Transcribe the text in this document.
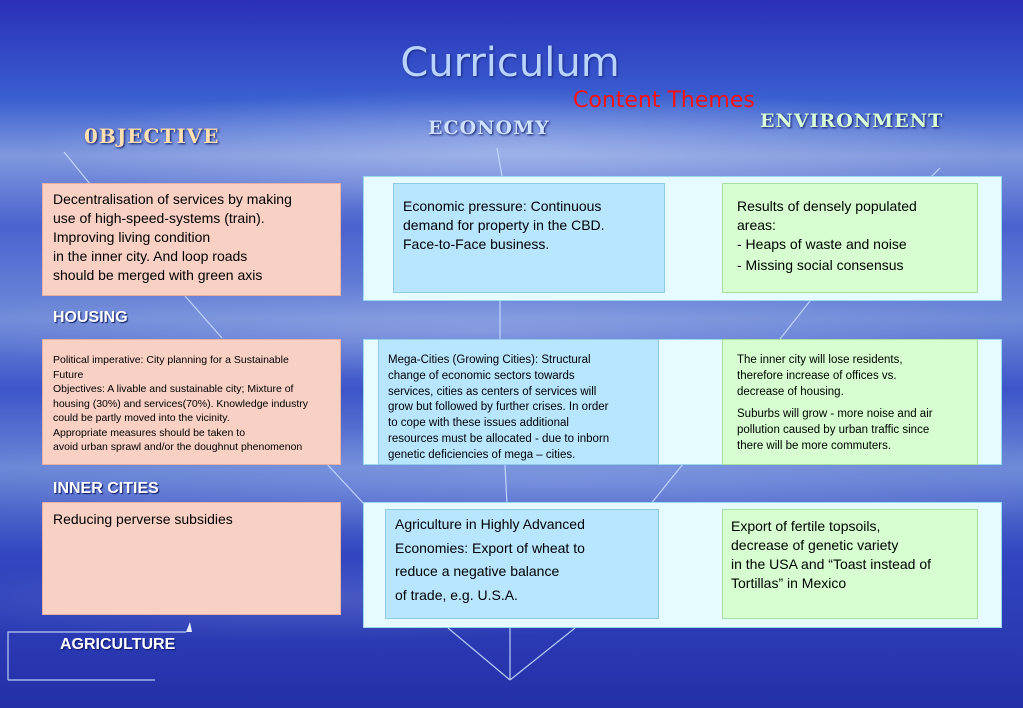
Curriculum
Content Themes
0BJECTIVE	ECONOMY	ENVIRONMENT

Decentralisation of services by making

use of high-speed-systems (train).

Improving living condition

in the inner city. And loop roads

should be merged with green axis

HOUSING

Economic pressure: Continuous

demand for property in the CBD.

Face-to-Face business.

Results of densely populated

areas:

- Heaps of waste and noise

- Missing social consensus

Political imperative: City planning for a Sustainable

Future

Objectives: A livable and sustainable city; Mixture of

housing (30%) and services(70%). Knowledge industry

could be partly moved into the vicinity.

Appropriate measures should be taken to

avoid urban sprawl and/or the doughnut phenomenon

INNER CITIES

Mega-Cities (Growing Cities): Structural

change of economic sectors towards

services, cities as centers of services will

grow but followed by further crises. In order

to cope with these issues additional

resources must be allocated - due to inborn

genetic deficiencies of mega – cities.

The inner city will lose residents,

therefore increase of offices vs.

decrease of housing.

Suburbs will grow - more noise and air

pollution caused by urban traffic since

there will be more commuters.

Reducing perverse subsidies

AGRICULTURE

Agriculture in Highly Advanced

Economies: Export of wheat to

reduce a negative balance

of trade, e.g. U.S.A.

Export of fertile topsoils,

decrease of genetic variety

in the USA and “Toast instead of

Tortillas” in Mexico
